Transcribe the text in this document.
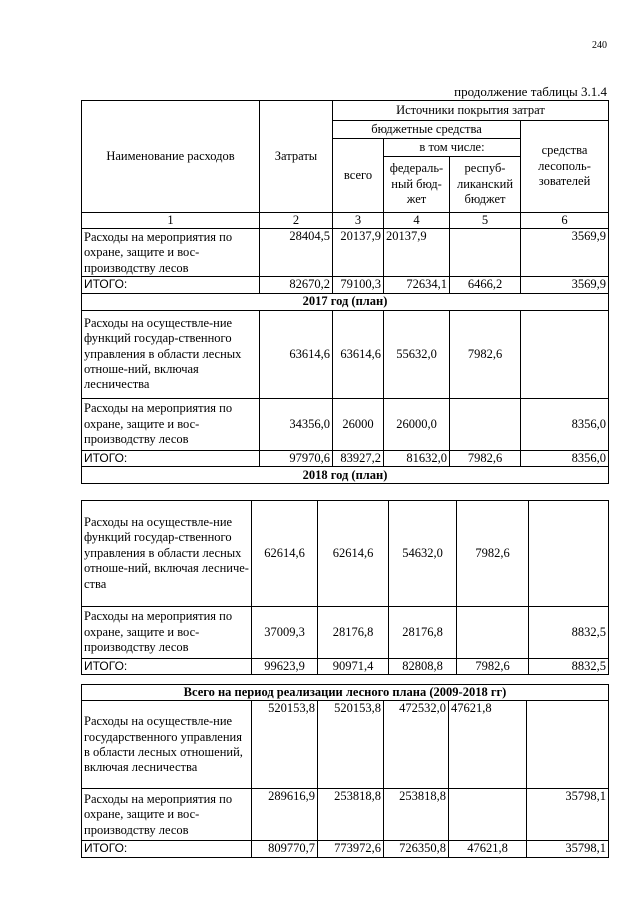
240
продолжение таблицы 3.1.4
Наименование расходов	Затраты	Источники покрытия затрат			
		бюджетные средства			средства лесополь-зователей
		всего	в том числе:		
			федераль-ный бюд-жет	респуб-ликанский бюджет	

1	2	3	4	5	6
Расходы на мероприятия по охране, защите и вос-производству лесов	28404,5	20137,9	20137,9		3569,9
ИТОГО:	82670,2	79100,3	72634,1	6466,2	3569,9
2017 год (план)					
Расходы на осуществле-ние функций государ-ственного управления в области лесных отноше-ний, включая лесничества	63614,6	63614,6	55632,0	7982,6	
Расходы на мероприятия по охране, защите и вос-производству лесов	34356,0	26000	26000,0		8356,0
ИТОГО:	97970,6	83927,2	81632,0	7982,6	8356,0
2018 год (план)					
Расходы на осуществле-ние функций государ-ственного управления в области лесных отноше-ний, включая лесниче-ства	62614,6	62614,6	54632,0	7982,6	
Расходы на мероприятия по охране, защите и вос-производству лесов	37009,3	28176,8	28176,8		8832,5
ИТОГО:	99623,9	90971,4	82808,8	7982,6	8832,5
Всего на период реализации лесного плана (2009-2018 гг)					
Расходы на осуществле-ние государственного управления в области лесных отношений, включая лесничества	520153,8	520153,8	472532,0	47621,8	
Расходы на мероприятия по охране, защите и вос-производству лесов	289616,9	253818,8	253818,8		35798,1
ИТОГО:	809770,7	773972,6	726350,8	47621,8	35798,1
